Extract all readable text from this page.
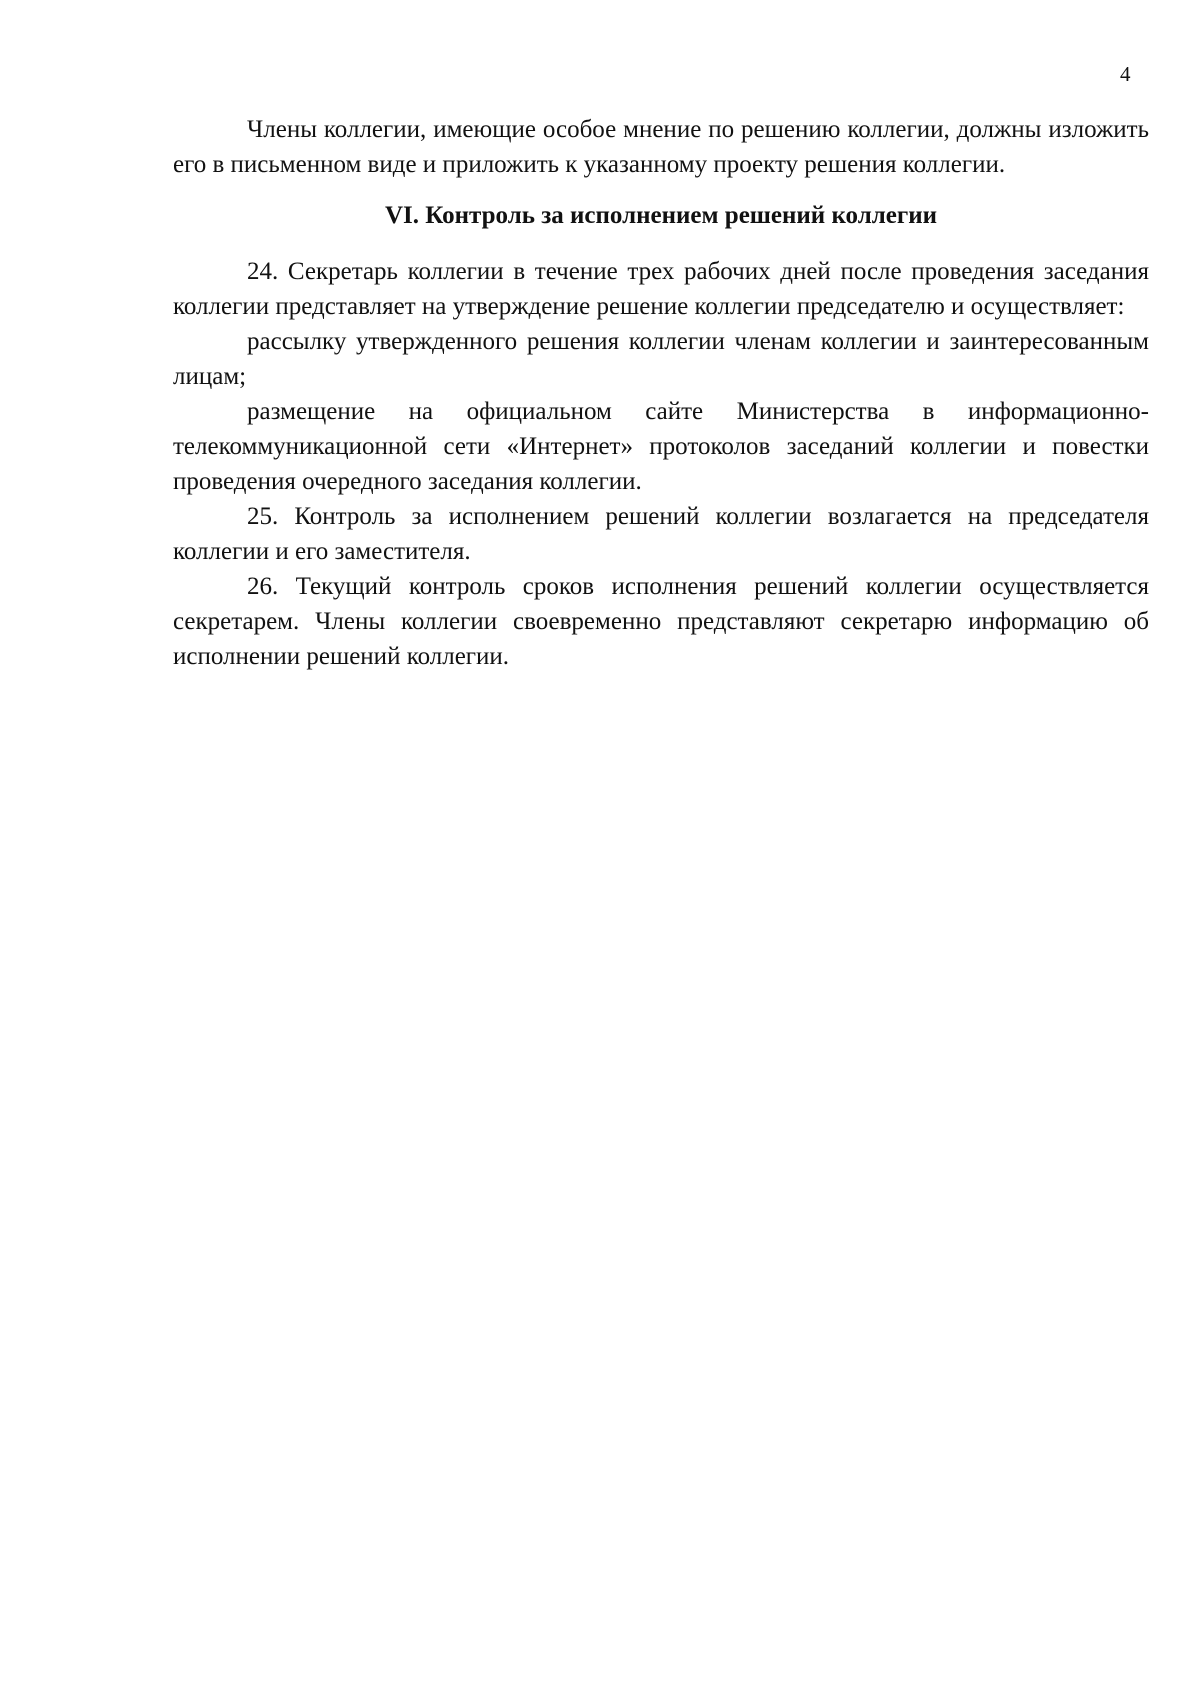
4

Члены коллегии, имеющие особое мнение по решению коллегии, должны изложить его в письменном виде и приложить к указанному проекту решения коллегии.

VI. Контроль за исполнением решений коллегии

24. Секретарь коллегии в течение трех рабочих дней после проведения заседания коллегии представляет на утверждение решение коллегии председателю и осуществляет:

рассылку утвержденного решения коллегии членам коллегии и заинтересованным лицам;

размещение на официальном сайте Министерства в информационно-телекоммуникационной сети «Интернет» протоколов заседаний коллегии и повестки проведения очередного заседания коллегии.

25. Контроль за исполнением решений коллегии возлагается на председателя коллегии и его заместителя.

26. Текущий контроль сроков исполнения решений коллегии осуществляется секретарем. Члены коллегии своевременно представляют секретарю информацию об исполнении решений коллегии.
